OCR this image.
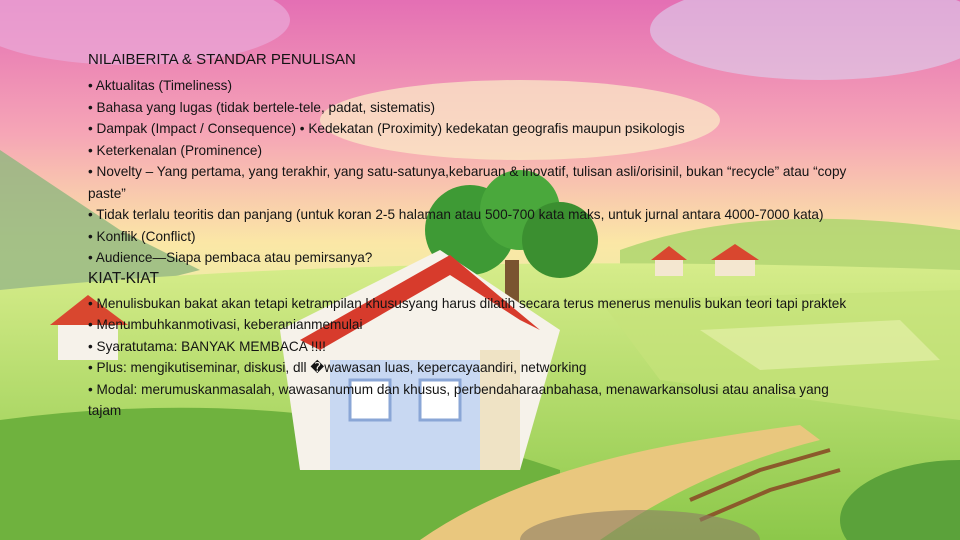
NILAIBERITA & STANDAR PENULISAN
• Aktualitas (Timeliness)
• Bahasa yang lugas (tidak bertele-tele, padat, sistematis)
• Dampak (Impact / Consequence) • Kedekatan (Proximity) kedekatan geografis maupun psikologis
• Keterkenalan (Prominence)
• Novelty – Yang pertama, yang terakhir, yang satu-satunya,kebaruan & inovatif, tulisan asli/orisinil, bukan “recycle” atau “copy paste”
• Tidak terlalu teoritis dan panjang (untuk koran 2-5 halaman atau 500-700 kata maks, untuk jurnal antara 4000-7000 kata)
• Konflik (Conflict)
• Audience—Siapa pembaca atau pemirsanya?
KIAT-KIAT
• Menulisbukan bakat akan tetapi ketrampilan khususyang harus dilatih secara terus menerus menulis bukan teori tapi praktek
• Menumbuhkanmotivasi, keberanianmemulai
• Syaratutama: BANYAK MEMBACA !!!!
• Plus: mengikutiseminar, diskusi, dll �wawasan luas, kepercayaandiri, networking
• Modal: merumuskanmasalah, wawasanumum dan khusus, perbendaharaanbahasa, menawarkansolusi atau analisa yang tajam
